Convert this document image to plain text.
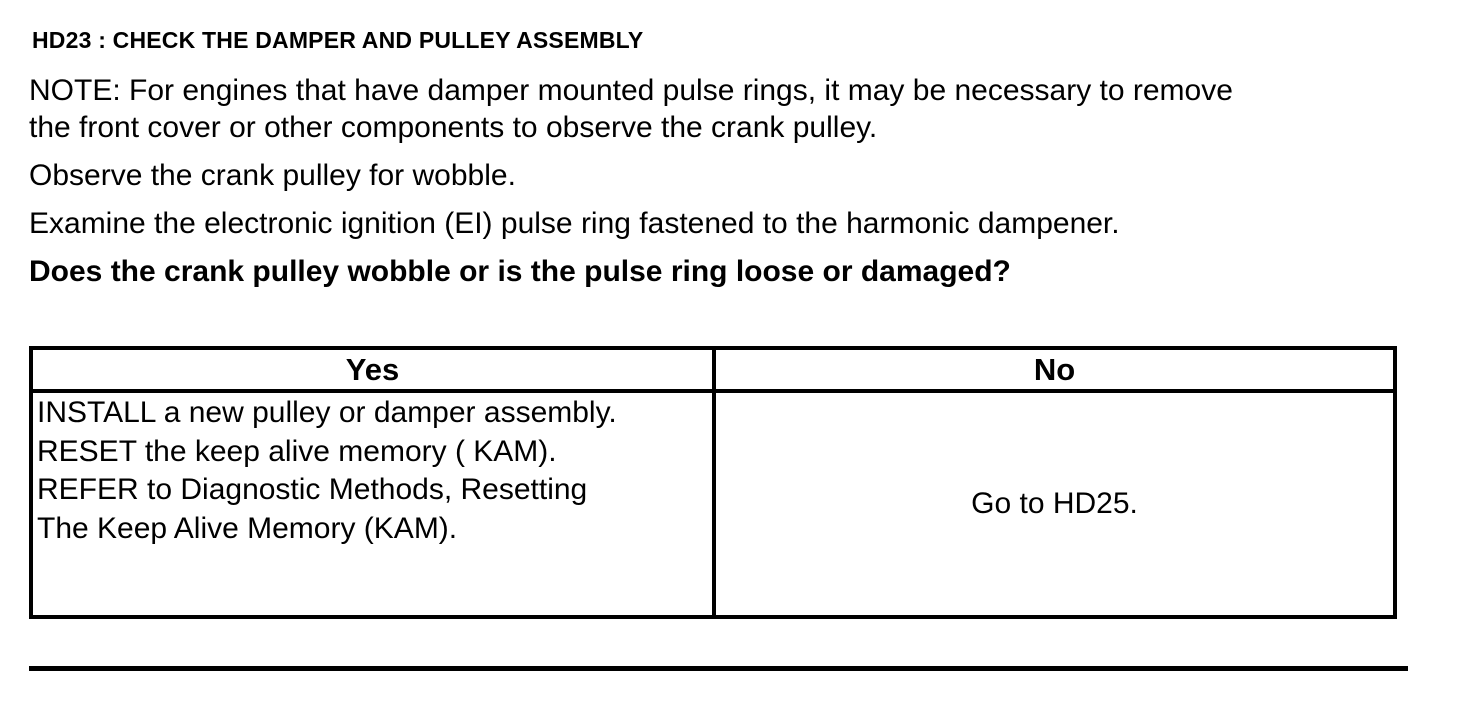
HD23 : CHECK THE DAMPER AND PULLEY ASSEMBLY
NOTE: For engines that have damper mounted pulse rings, it may be necessary to remove
the front cover or other components to observe the crank pulley.
Observe the crank pulley for wobble.
Examine the electronic ignition (EI) pulse ring fastened to the harmonic dampener.
Does the crank pulley wobble or is the pulse ring loose or damaged?
Yes	No
INSTALL a new pulley or damper assembly.
RESET the keep alive memory ( KAM).
REFER to Diagnostic Methods, Resetting
The Keep Alive Memory (KAM).
Go to HD25.
